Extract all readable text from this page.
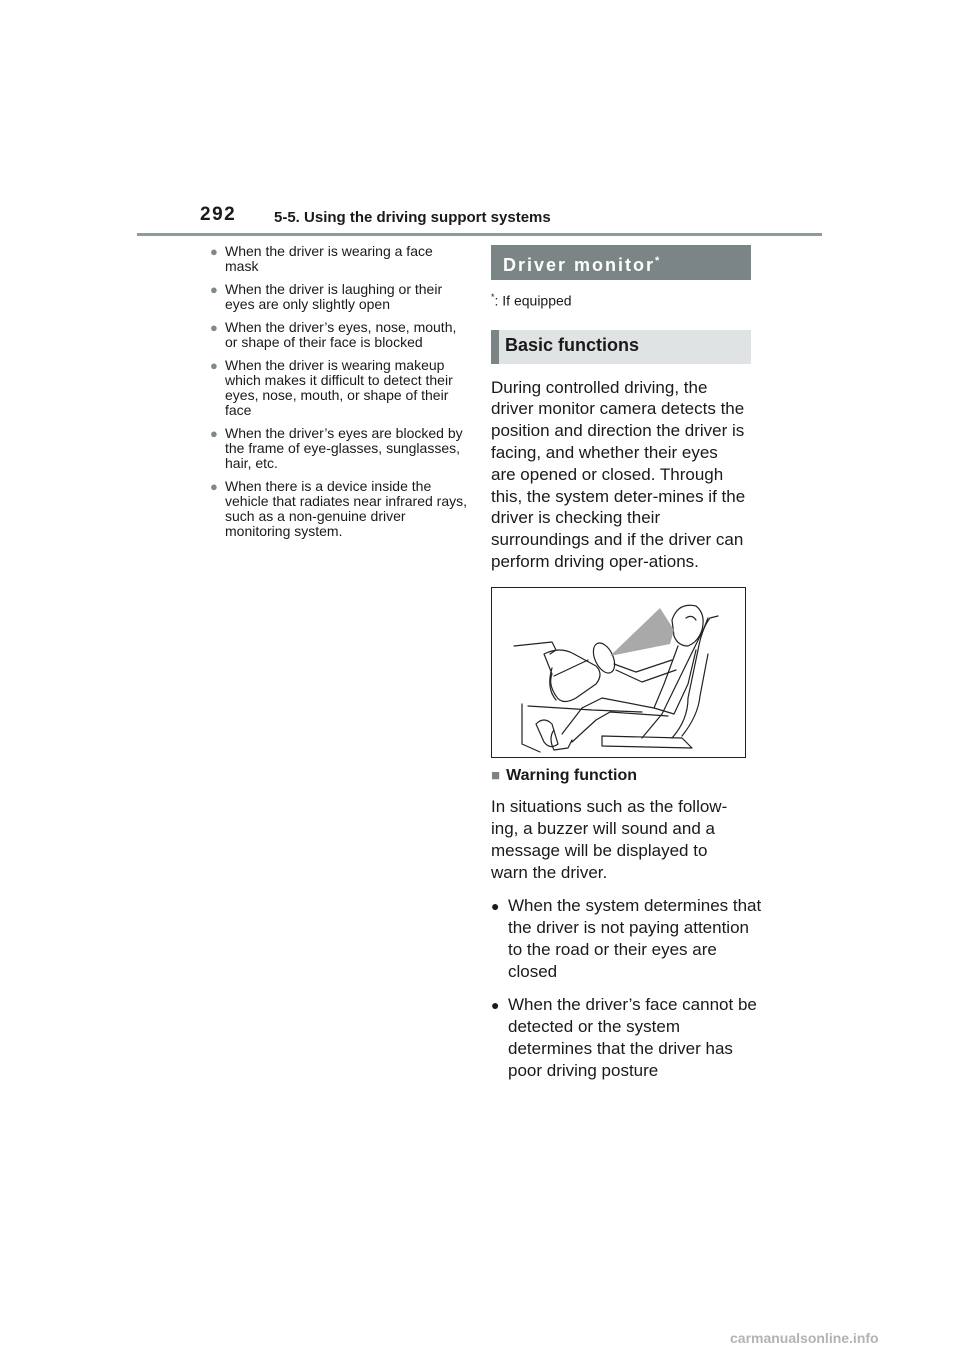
292	5-5. Using the driving support systems
● When the driver is wearing a face mask
● When the driver is laughing or their eyes are only slightly open
● When the driver’s eyes, nose, mouth, or shape of their face is blocked
● When the driver is wearing makeup which makes it difficult to detect their eyes, nose, mouth, or shape of their face
● When the driver’s eyes are blocked by the frame of eye-glasses, sunglasses, hair, etc.
● When there is a device inside the vehicle that radiates near infrared rays, such as a non-genuine driver monitoring system.
Driver monitor*
*: If equipped
Basic functions
During controlled driving, the driver monitor camera detects the position and direction the driver is facing, and whether their eyes are opened or closed. Through this, the system deter-mines if the driver is checking their surroundings and if the driver can perform driving oper-ations.
■ Warning function
In situations such as the follow-ing, a buzzer will sound and a message will be displayed to warn the driver.
● When the system determines that the driver is not paying attention to the road or their eyes are closed
● When the driver’s face cannot be detected or the system determines that the driver has poor driving posture
carmanualsonline.info
